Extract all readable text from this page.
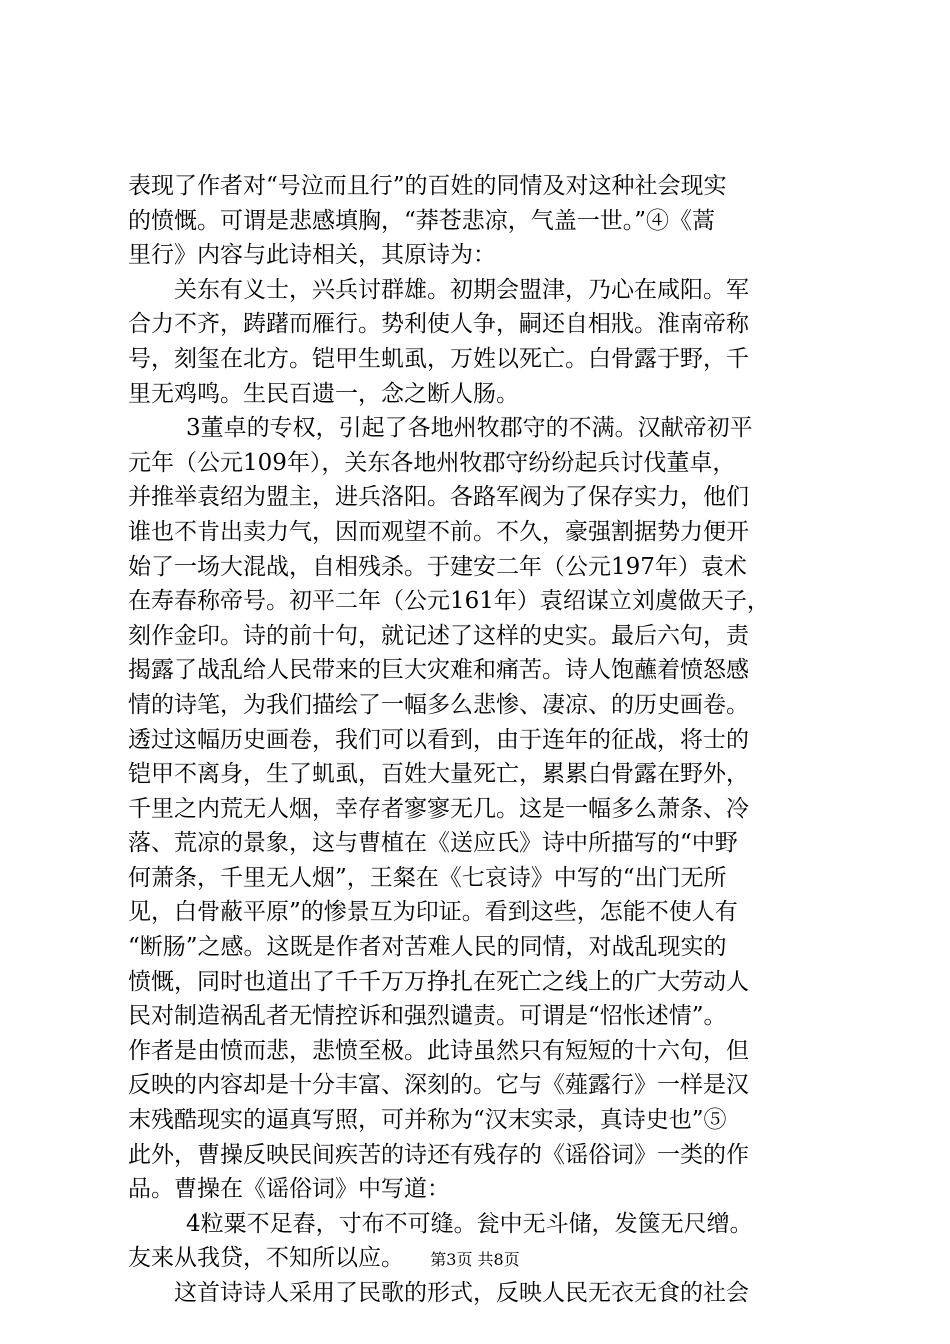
表现了作者对“号泣而且行”的百姓的同情及对这种社会现实
的愤慨。可谓是悲感填胸，“莽苍悲凉，气盖一世。”④《蒿
里行》内容与此诗相关，其原诗为：
关东有义士，兴兵讨群雄。初期会盟津，乃心在咸阳。军
合力不齐，踌躇而雁行。势利使人争，嗣还自相戕。淮南帝称
号，刻玺在北方。铠甲生虮虱，万姓以死亡。白骨露于野，千
里无鸡鸣。生民百遗一，念之断人肠。
3董卓的专权，引起了各地州牧郡守的不满。汉献帝初平
元年（公元109年），关东各地州牧郡守纷纷起兵讨伐董卓，
并推举袁绍为盟主，进兵洛阳。各路军阀为了保存实力，他们
谁也不肯出卖力气，因而观望不前。不久，豪强割据势力便开
始了一场大混战，自相残杀。于建安二年（公元197年）袁术
在寿春称帝号。初平二年（公元161年）袁绍谋立刘虞做天子，
刻作金印。诗的前十句，就记述了这样的史实。最后六句，责
揭露了战乱给人民带来的巨大灾难和痛苦。诗人饱蘸着愤怒感
情的诗笔，为我们描绘了一幅多么悲惨、凄凉、的历史画卷。
透过这幅历史画卷，我们可以看到，由于连年的征战，将士的
铠甲不离身，生了虮虱，百姓大量死亡，累累白骨露在野外，
千里之内荒无人烟，幸存者寥寥无几。这是一幅多么萧条、冷
落、荒凉的景象，这与曹植在《送应氏》诗中所描写的“中野
何萧条，千里无人烟”，王粲在《七哀诗》中写的“出门无所
见，白骨蔽平原”的惨景互为印证。看到这些，怎能不使人有
“断肠”之感。这既是作者对苦难人民的同情，对战乱现实的
愤慨，同时也道出了千千万万挣扎在死亡之线上的广大劳动人
民对制造祸乱者无情控诉和强烈谴责。可谓是“怊怅述情”。
作者是由愤而悲，悲愤至极。此诗虽然只有短短的十六句，但
反映的内容却是十分丰富、深刻的。它与《薤露行》一样是汉
末残酷现实的逼真写照，可并称为“汉末实录，真诗史也”⑤
此外，曹操反映民间疾苦的诗还有残存的《谣俗词》一类的作
品。曹操在《谣俗词》中写道：
4粒粟不足舂，寸布不可缝。瓮中无斗储，发箧无尺缯。
友来从我贷，不知所以应。
这首诗诗人采用了民歌的形式，反映人民无衣无食的社会
第3页 共8页
